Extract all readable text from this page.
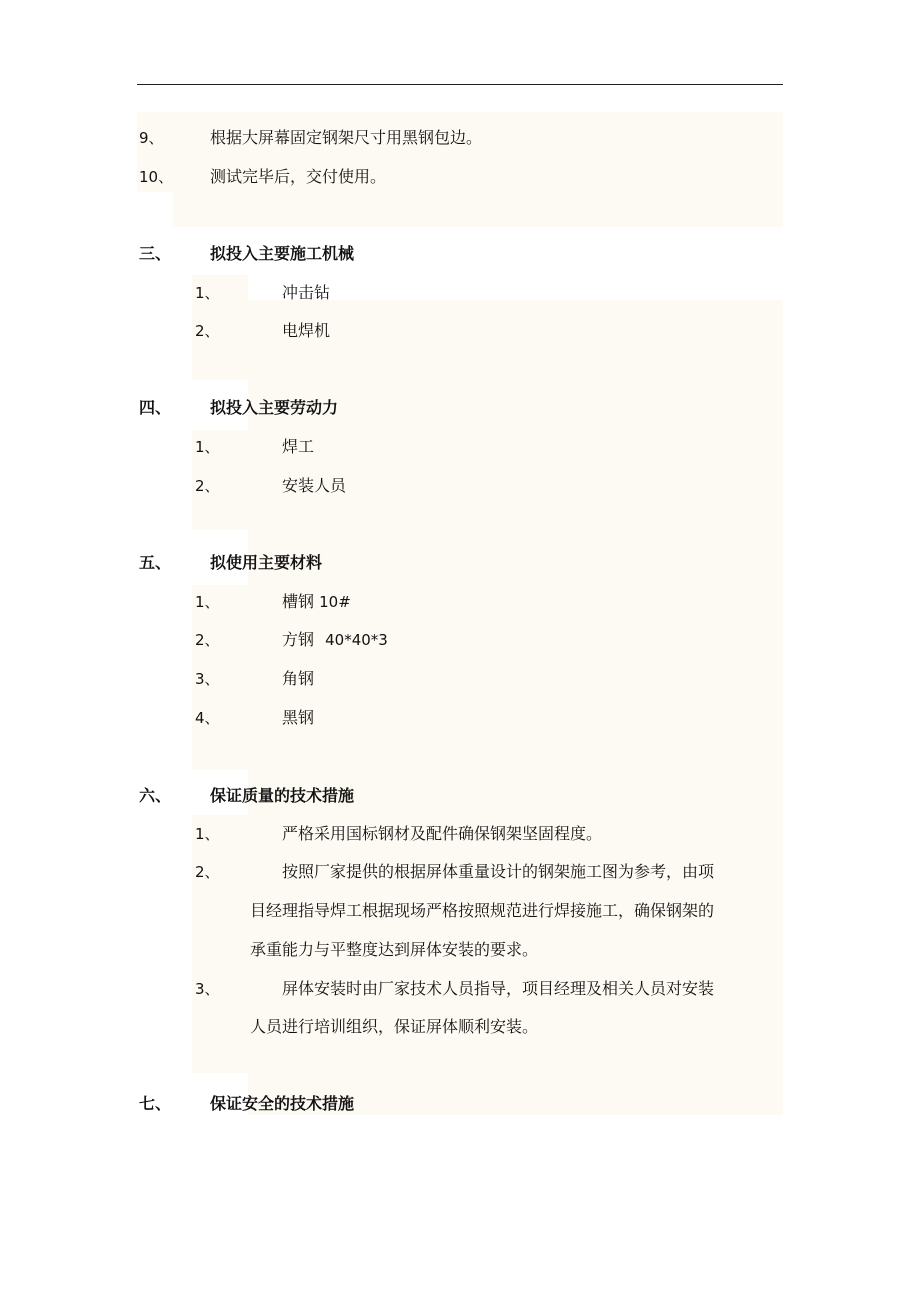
9、	根据大屏幕固定钢架尺寸用黑钢包边。
10、 测试完毕后，交付使用。
三、 拟投入主要施工机械
1、	冲击钻
2、	电焊机
四、 拟投入主要劳动力
1、	焊工
2、	安装人员
五、 拟使用主要材料
1、	槽钢 10#
2、	方钢 40*40*3
3、	角钢
4、	黑钢
六、 保证质量的技术措施
1、	严格采用国标钢材及配件确保钢架坚固程度。
2、	按照厂家提供的根据屏体重量设计的钢架施工图为参考，由项
目经理指导焊工根据现场严格按照规范进行焊接施工，确保钢架的
承重能力与平整度达到屏体安装的要求。
3、	屏体安装时由厂家技术人员指导，项目经理及相关人员对安装
人员进行培训组织，保证屏体顺利安装。
七、 保证安全的技术措施
